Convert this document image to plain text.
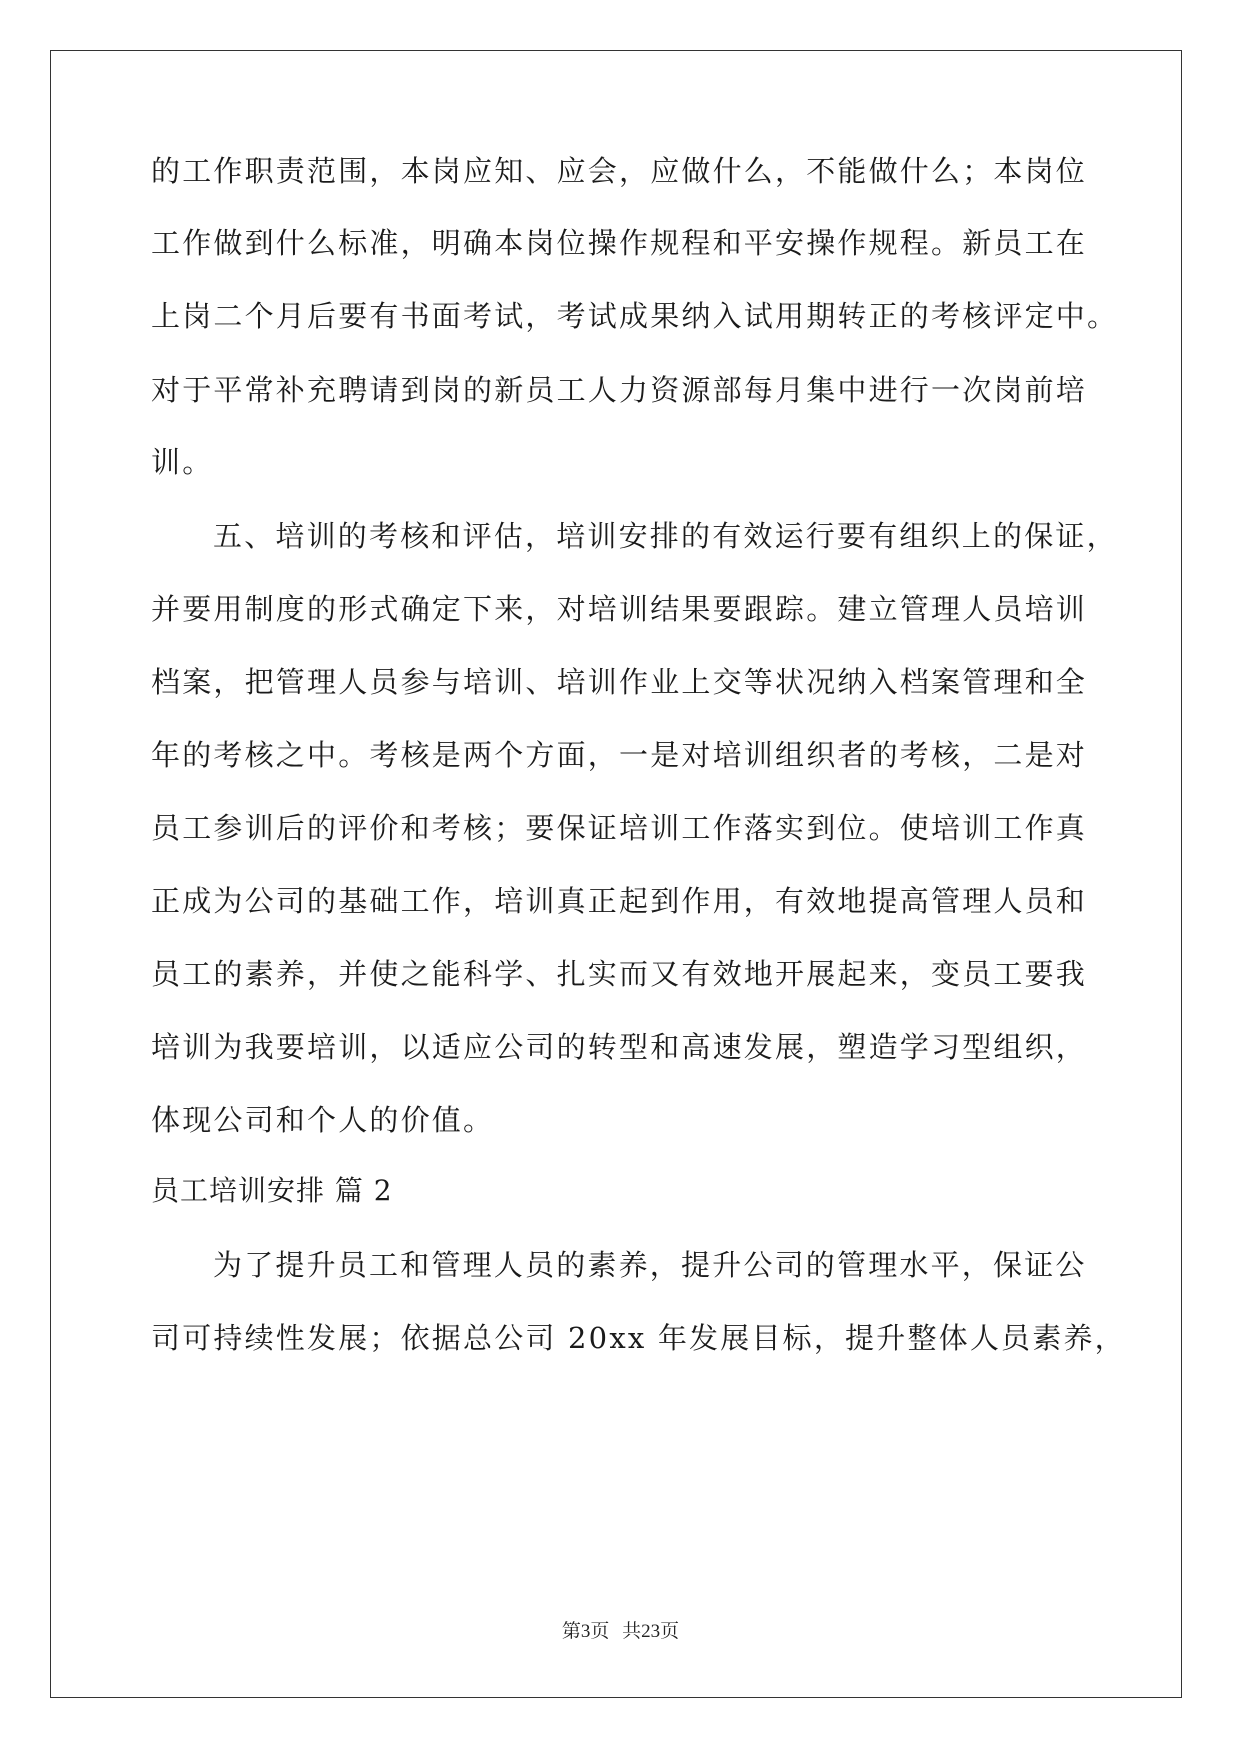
的工作职责范围，本岗应知、应会，应做什么，不能做什么；本岗位
工作做到什么标准，明确本岗位操作规程和平安操作规程。新员工在
上岗二个月后要有书面考试，考试成果纳入试用期转正的考核评定中。
对于平常补充聘请到岗的新员工人力资源部每月集中进行一次岗前培
训。
五、培训的考核和评估，培训安排的有效运行要有组织上的保证，
并要用制度的形式确定下来，对培训结果要跟踪。建立管理人员培训
档案，把管理人员参与培训、培训作业上交等状况纳入档案管理和全
年的考核之中。考核是两个方面，一是对培训组织者的考核，二是对
员工参训后的评价和考核；要保证培训工作落实到位。使培训工作真
正成为公司的基础工作，培训真正起到作用，有效地提高管理人员和
员工的素养，并使之能科学、扎实而又有效地开展起来，变员工要我
培训为我要培训，以适应公司的转型和高速发展，塑造学习型组织，
体现公司和个人的价值。
员工培训安排 篇 2
为了提升员工和管理人员的素养，提升公司的管理水平，保证公
司可持续性发展；依据总公司 20xx 年发展目标，提升整体人员素养，
第3页 共23页
